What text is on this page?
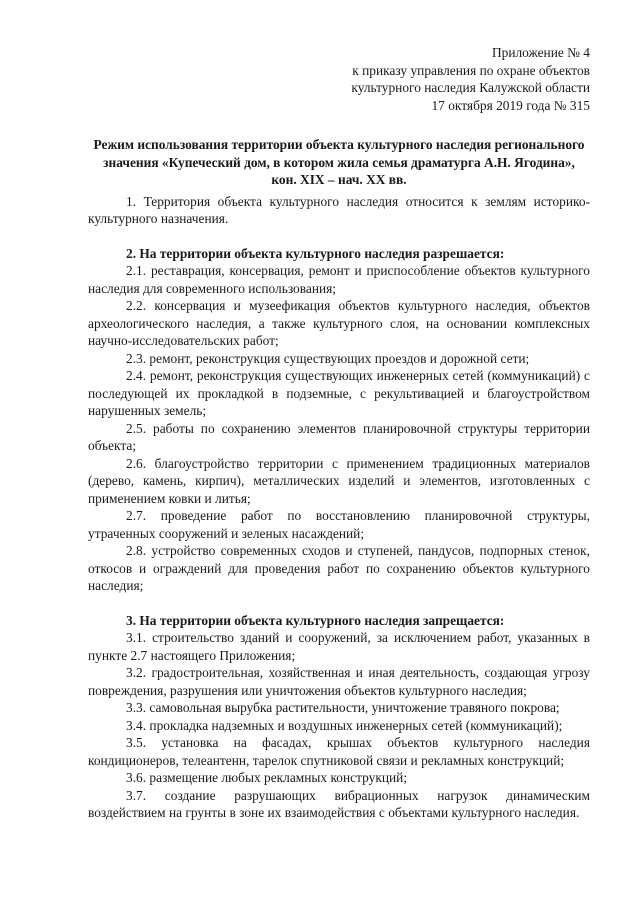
Приложение № 4
к приказу управления по охране объектов
культурного наследия Калужской области
17 октября 2019 года № 315
Режим использования территории объекта культурного наследия регионального
значения «Купеческий дом, в котором жила семья драматурга А.Н. Ягодина»,
кон. XIX – нач. XX вв.

1. Территория объекта культурного наследия относится к землям историко-культурного назначения.

2. На территории объекта культурного наследия разрешается:

2.1. реставрация, консервация, ремонт и приспособление объектов культурного наследия для современного использования;

2.2. консервация и музеефикация объектов культурного наследия, объектов археологического наследия, а также культурного слоя, на основании комплексных научно-исследовательских работ;

2.3. ремонт, реконструкция существующих проездов и дорожной сети;

2.4. ремонт, реконструкция существующих инженерных сетей (коммуникаций) с последующей их прокладкой в подземные, с рекультивацией и благоустройством нарушенных земель;

2.5. работы по сохранению элементов планировочной структуры территории объекта;

2.6. благоустройство территории с применением традиционных материалов (дерево, камень, кирпич), металлических изделий и элементов, изготовленных с применением ковки и литья;

2.7. проведение работ по восстановлению планировочной структуры, утраченных сооружений и зеленых насаждений;

2.8. устройство современных сходов и ступеней, пандусов, подпорных стенок, откосов и ограждений для проведения работ по сохранению объектов культурного наследия;

3. На территории объекта культурного наследия запрещается:

3.1. строительство зданий и сооружений, за исключением работ, указанных в пункте 2.7 настоящего Приложения;

3.2. градостроительная, хозяйственная и иная деятельность, создающая угрозу повреждения, разрушения или уничтожения объектов культурного наследия;

3.3. самовольная вырубка растительности, уничтожение травяного покрова;

3.4. прокладка надземных и воздушных инженерных сетей (коммуникаций);

3.5. установка на фасадах, крышах объектов культурного наследия кондиционеров, телеантенн, тарелок спутниковой связи и рекламных конструкций;

3.6. размещение любых рекламных конструкций;

3.7. создание разрушающих вибрационных нагрузок динамическим воздействием на грунты в зоне их взаимодействия с объектами культурного наследия.
